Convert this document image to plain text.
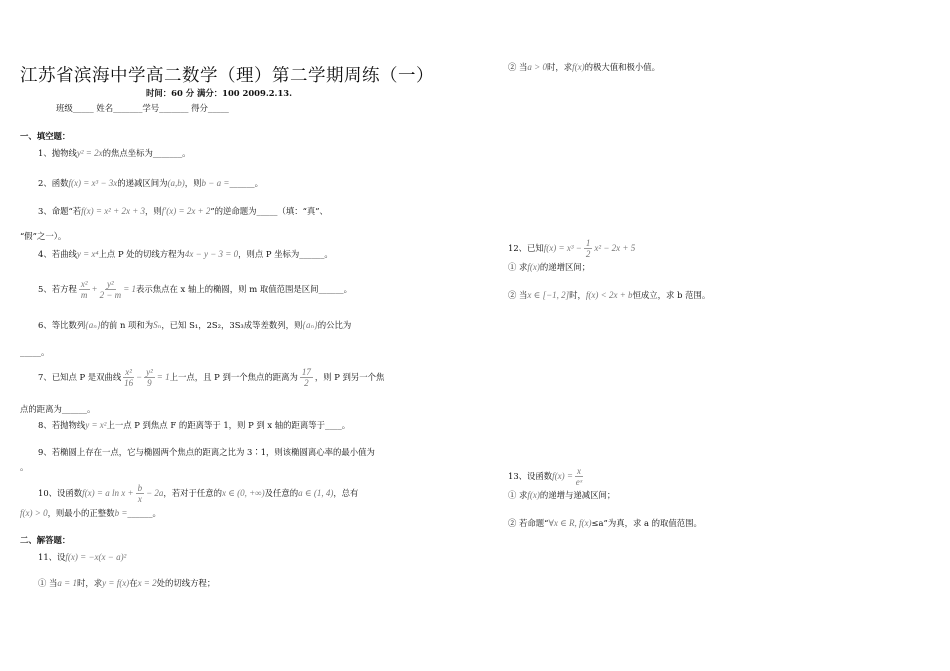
江苏省滨海中学高二数学（理）第二学期周练（一）
时间：60 分 满分：100 2009.2.13.
班级_____ 姓名_______学号_______ 得分_____
一、填空题：
1、抛物线y² = 2x的焦点坐标为_______。
2、函数f(x) = x³ − 3x的递减区间为(a,b)，则b − a =______。
3、命题“若f(x) = x² + 2x + 3，则f′(x) = 2x + 2”的逆命题为_____（填：“真”、
“假”之一）。
4、若曲线y = x⁴上点 P 处的切线方程为4x − y − 3 = 0，则点 P 坐标为______。
5、若方程 $\frac{\text{x²}}{m} + \frac{\text{y²}}{2 - m} = 1$表示焦点在 x 轴上的椭圆，则 m 取值范围是区间______。
6、等比数列{aₙ}的前 n 项和为Sₙ，已知 S₁，2S₂，3S₃成等差数列，则{aₙ}的公比为
_____。
7、已知点 P 是双曲线 $\frac{\text{x²}}{16} - \frac{\text{y²}}{9} = 1$上一点，且 P 到一个焦点的距离为 $\frac{17}{2}$ ，则 P 到另一个焦
点的距离为______。
8、若抛物线y = x²上一点 P 到焦点 F 的距离等于 1，则 P 到 x 轴的距离等于____。
9、若椭圆上存在一点，它与椭圆两个焦点的距离之比为 3∶1，则该椭圆离心率的最小值为
。
10、设函数f(x) = a $\ln x + \frac{b}{x} - 2a$，若对于任意的x ∈ (0, +∞)及任意的a ∈ (1, 4)，总有
f(x) > 0，则最小的正整数b =______。
二、解答题：
11、设f(x) = −x(x − a)²
① 当a = 1时，求y = f(x)在x = 2处的切线方程；
② 当a > 0时，求f(x)的极大值和极小值。
12、已知$f(x) = x^3 - \frac{1}{2} x^2 - 2x + 5$
① 求f(x)的递增区间；
② 当x ∈ [−1, 2]时，f(x) < 2x + b恒成立，求 b 范围。
13、设函数$f(x) = \frac{x}{\text{eˣ}}$
① 求f(x)的递增与递减区间；
② 若命题“∀x ∈ R, f(x)≤a”为真，求 a 的取值范围。
